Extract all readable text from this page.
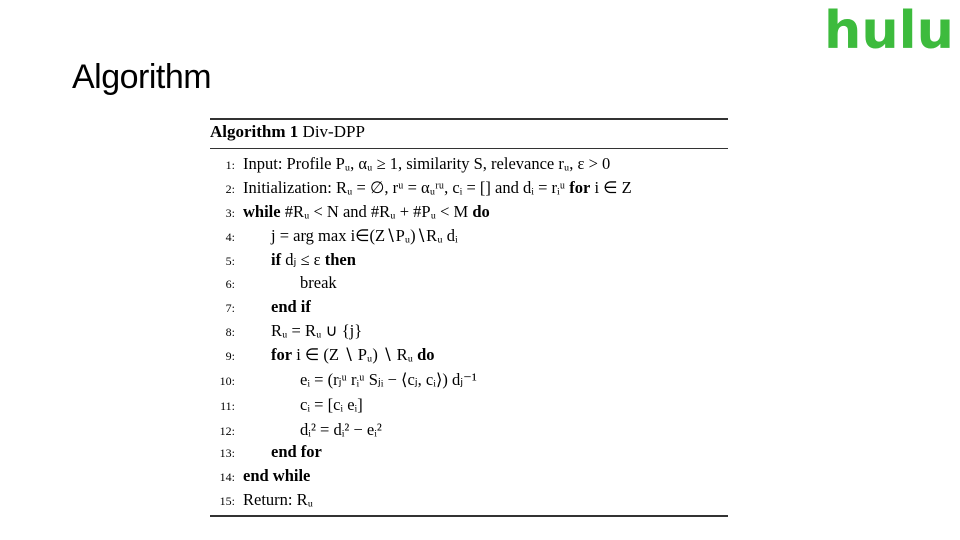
Algorithm
hulu
Algorithm 1 Div-DPP
1: Input: Profile Pᵤ, αᵤ ≥ 1, similarity S, relevance rᵤ, ε > 0
2: Initialization: Rᵤ = ∅, rᵘ = αᵤʳᵘ, cᵢ = [] and dᵢ = rᵢᵘ for i ∈ Z
3: while #Rᵤ < N and #Rᵤ + #Pᵤ < M do
4: j = arg max i∈(Z∖Pᵤ)∖Rᵤ dᵢ
5: if dⱼ ≤ ε then
6:	break
7: end if
8: Rᵤ = Rᵤ ∪ {j}
9: for i ∈ (Z ∖ Pᵤ) ∖ Rᵤ do
10:	eᵢ = (rⱼᵘ rᵢᵘ Sⱼᵢ − ⟨cⱼ, cᵢ⟩) dⱼ⁻¹
11:	cᵢ = [cᵢ eᵢ]
12:	dᵢ² = dᵢ² − eᵢ²
13: end for
14: end while
15: Return: Rᵤ
